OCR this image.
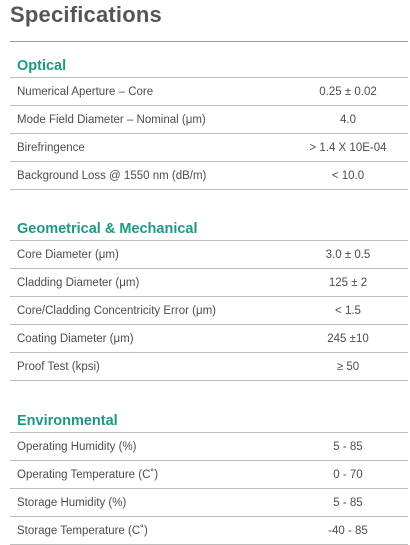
Specifications
Optical
Numerical Aperture – Core	0.25 ± 0.02
Mode Field Diameter – Nominal (μm)	4.0
Birefringence	> 1.4 X 10E-04
Background Loss @ 1550 nm (dB/m)	< 10.0
Geometrical & Mechanical
Core Diameter (μm)	3.0 ± 0.5
Cladding Diameter (μm)	125 ± 2
Core/Cladding Concentricity Error (μm)	< 1.5
Coating Diameter (μm)	245 ±10
Proof Test (kpsi)	≥ 50
Environmental
Operating Humidity (%)	5 - 85
Operating Temperature (C˚)	0 - 70
Storage Humidity (%)	5 - 85
Storage Temperature (C˚)	-40 - 85
